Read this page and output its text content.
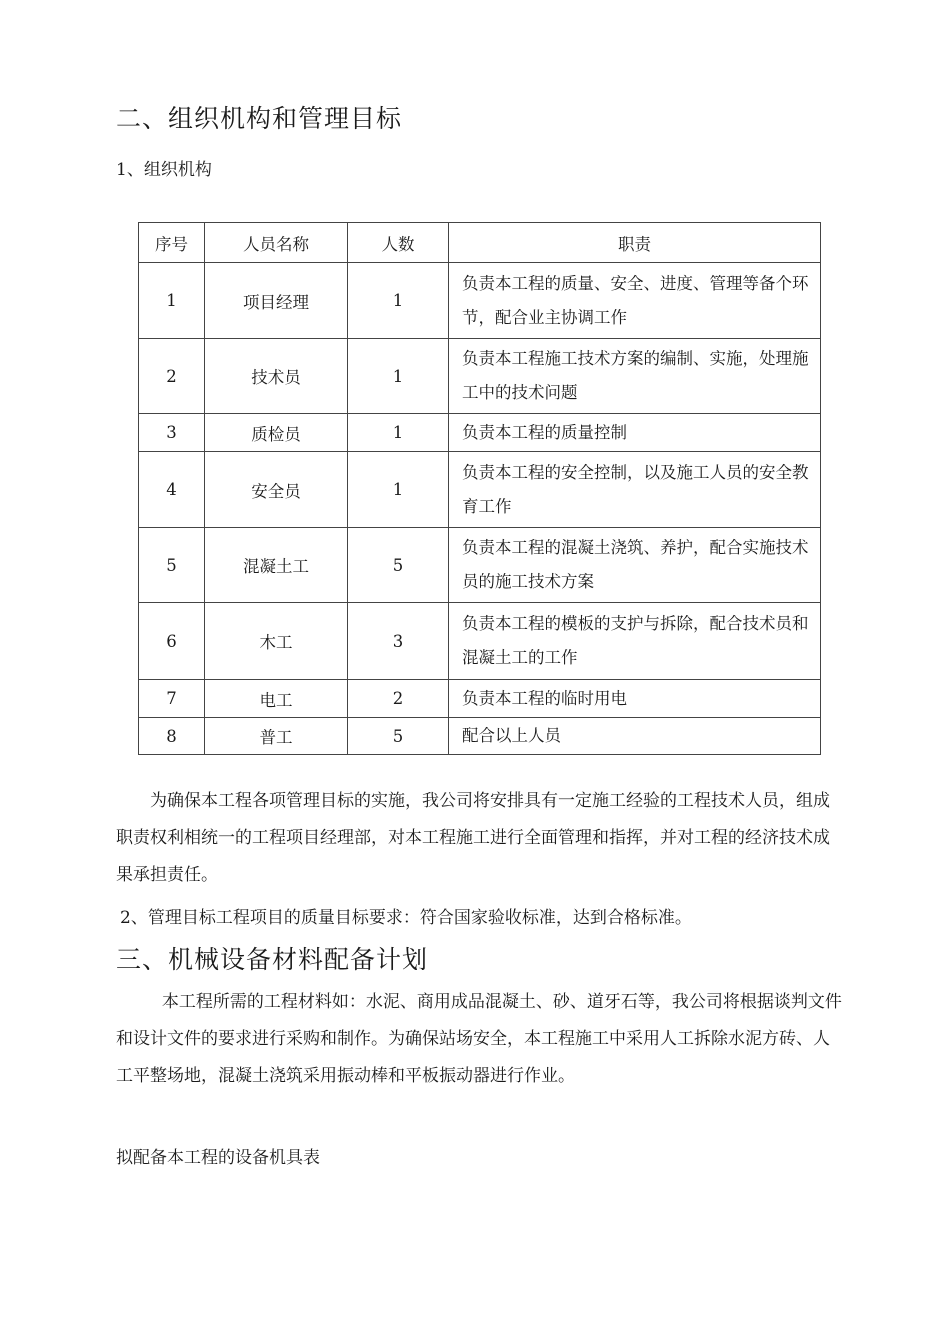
二、组织机构和管理目标
1、组织机构
序号	人员名称	人数	职责
1	项目经理	1	负责本工程的质量、安全、进度、管理等备个环节，配合业主协调工作
2	技术员	1	负责本工程施工技术方案的编制、实施，处理施工中的技术问题
3	质检员	1	负责本工程的质量控制
4	安全员	1	负责本工程的安全控制，以及施工人员的安全教育工作
5	混凝土工	5	负责本工程的混凝土浇筑、养护，配合实施技术员的施工技术方案
6	木工	3	负责本工程的模板的支护与拆除，配合技术员和混凝土工的工作
7	电工	2	负责本工程的临时用电
8	普工	5	配合以上人员
为确保本工程各项管理目标的实施，我公司将安排具有一定施工经验的工程技术人员，组成职责权利相统一的工程项目经理部，对本工程施工进行全面管理和指挥，并对工程的经济技术成果承担责任。
2、管理目标工程项目的质量目标要求：符合国家验收标准，达到合格标准。
三、机械设备材料配备计划
本工程所需的工程材料如：水泥、商用成品混凝土、砂、道牙石等，我公司将根据谈判文件和设计文件的要求进行采购和制作。为确保站场安全，本工程施工中采用人工拆除水泥方砖、人工平整场地，混凝土浇筑采用振动棒和平板振动器进行作业。
拟配备本工程的设备机具表
